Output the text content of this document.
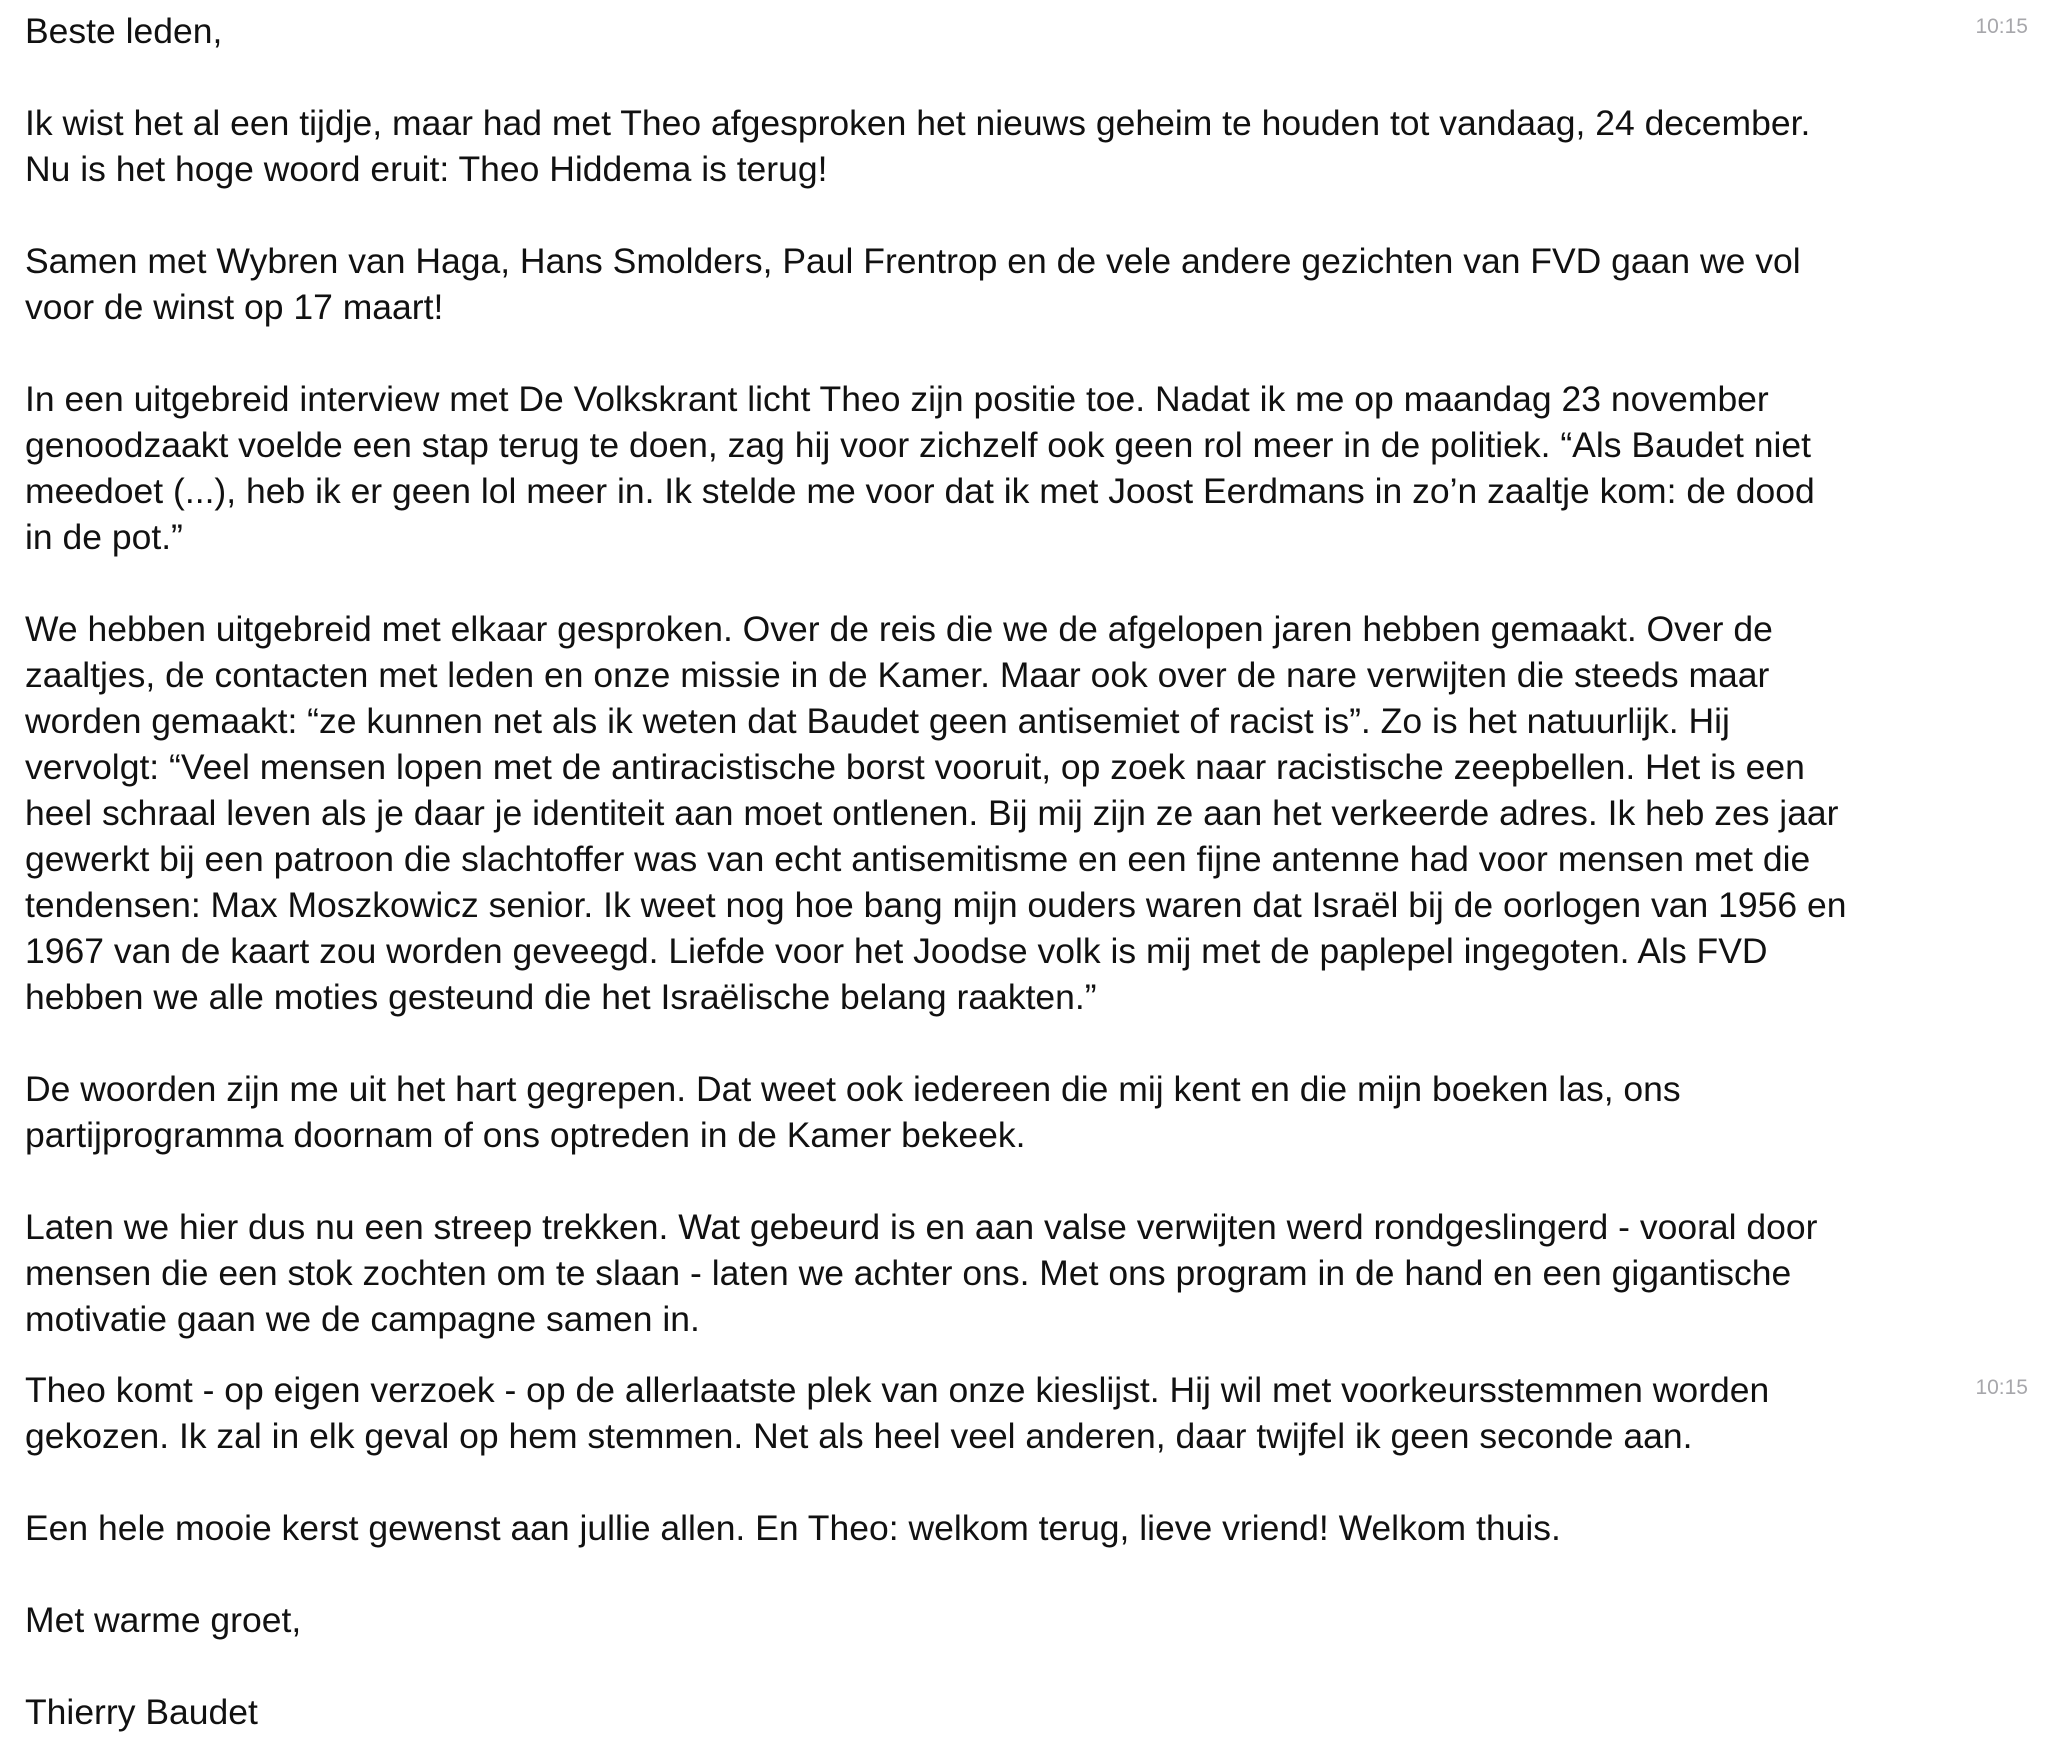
Beste leden,
Ik wist het al een tijdje, maar had met Theo afgesproken het nieuws geheim te houden tot vandaag, 24 december.
Nu is het hoge woord eruit: Theo Hiddema is terug!
Samen met Wybren van Haga, Hans Smolders, Paul Frentrop en de vele andere gezichten van FVD gaan we vol
voor de winst op 17 maart!
In een uitgebreid interview met De Volkskrant licht Theo zijn positie toe. Nadat ik me op maandag 23 november
genoodzaakt voelde een stap terug te doen, zag hij voor zichzelf ook geen rol meer in de politiek. “Als Baudet niet
meedoet (...), heb ik er geen lol meer in. Ik stelde me voor dat ik met Joost Eerdmans in zo’n zaaltje kom: de dood
in de pot.”
We hebben uitgebreid met elkaar gesproken. Over de reis die we de afgelopen jaren hebben gemaakt. Over de
zaaltjes, de contacten met leden en onze missie in de Kamer. Maar ook over de nare verwijten die steeds maar
worden gemaakt: “ze kunnen net als ik weten dat Baudet geen antisemiet of racist is”. Zo is het natuurlijk. Hij
vervolgt: “Veel mensen lopen met de antiracistische borst vooruit, op zoek naar racistische zeepbellen. Het is een
heel schraal leven als je daar je identiteit aan moet ontlenen. Bij mij zijn ze aan het verkeerde adres. Ik heb zes jaar
gewerkt bij een patroon die slachtoffer was van echt antisemitisme en een fijne antenne had voor mensen met die
tendensen: Max Moszkowicz senior. Ik weet nog hoe bang mijn ouders waren dat Israël bij de oorlogen van 1956 en
1967 van de kaart zou worden geveegd. Liefde voor het Joodse volk is mij met de paplepel ingegoten. Als FVD
hebben we alle moties gesteund die het Israëlische belang raakten.”
De woorden zijn me uit het hart gegrepen. Dat weet ook iedereen die mij kent en die mijn boeken las, ons
partijprogramma doornam of ons optreden in de Kamer bekeek.
Laten we hier dus nu een streep trekken. Wat gebeurd is en aan valse verwijten werd rondgeslingerd - vooral door
mensen die een stok zochten om te slaan - laten we achter ons. Met ons program in de hand en een gigantische
motivatie gaan we de campagne samen in.
10:15
Theo komt - op eigen verzoek - op de allerlaatste plek van onze kieslijst. Hij wil met voorkeursstemmen worden
gekozen. Ik zal in elk geval op hem stemmen. Net als heel veel anderen, daar twijfel ik geen seconde aan.
Een hele mooie kerst gewenst aan jullie allen. En Theo: welkom terug, lieve vriend! Welkom thuis.
Met warme groet,
Thierry Baudet
10:15
